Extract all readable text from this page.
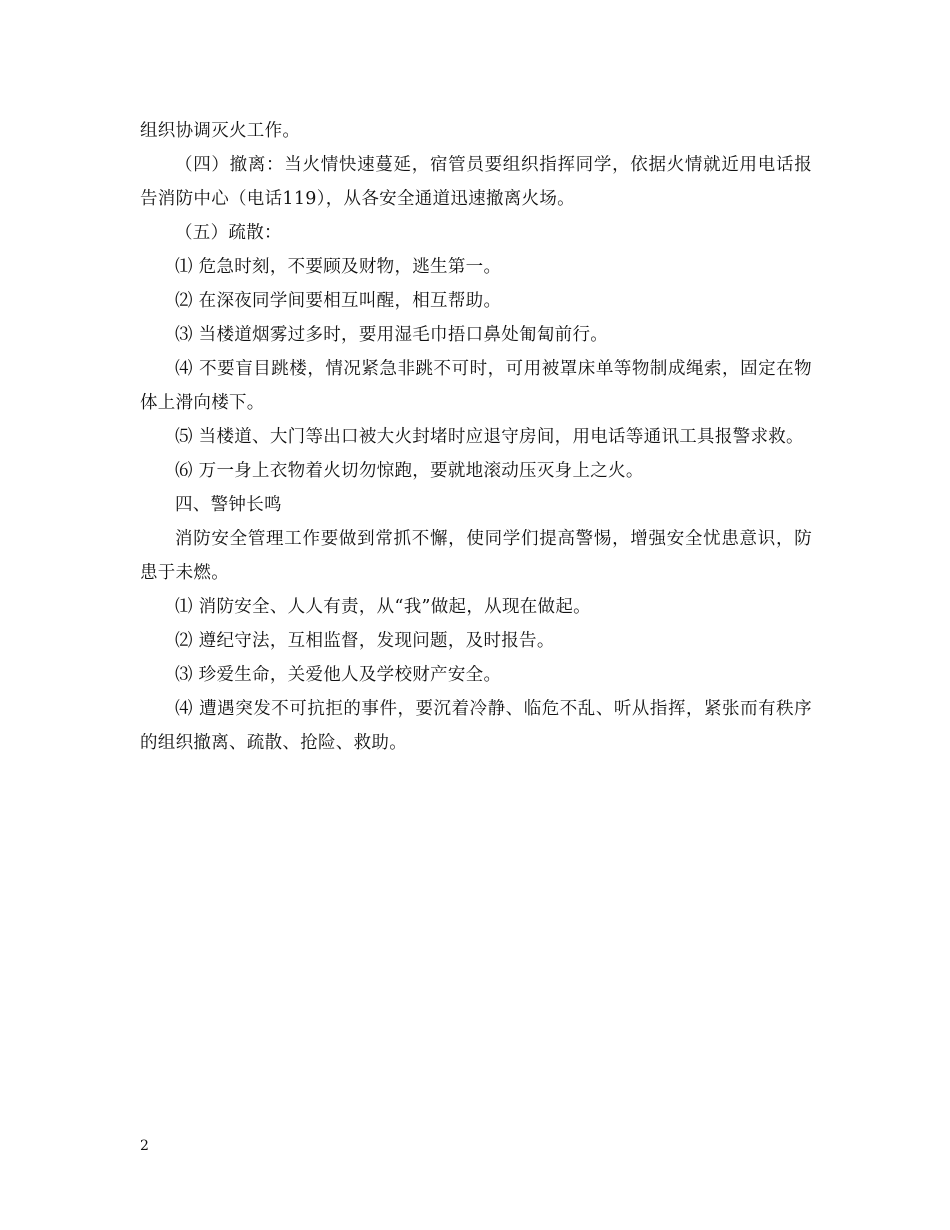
组织协调灭火工作。

（四）撤离：当火情快速蔓延，宿管员要组织指挥同学，依据火情就近用电话报告消防中心（电话119），从各安全通道迅速撤离火场。

（五）疏散：

⑴ 危急时刻，不要顾及财物，逃生第一。

⑵ 在深夜同学间要相互叫醒，相互帮助。

⑶ 当楼道烟雾过多时，要用湿毛巾捂口鼻处匍匐前行。

⑷ 不要盲目跳楼，情况紧急非跳不可时，可用被罩床单等物制成绳索，固定在物体上滑向楼下。

⑸ 当楼道、大门等出口被大火封堵时应退守房间，用电话等通讯工具报警求救。

⑹ 万一身上衣物着火切勿惊跑，要就地滚动压灭身上之火。

四、警钟长鸣

消防安全管理工作要做到常抓不懈，使同学们提高警惕，增强安全忧患意识，防患于未燃。

⑴ 消防安全、人人有责，从“我”做起，从现在做起。

⑵ 遵纪守法，互相监督，发现问题，及时报告。

⑶ 珍爱生命，关爱他人及学校财产安全。

⑷ 遭遇突发不可抗拒的事件，要沉着冷静、临危不乱、听从指挥，紧张而有秩序的组织撤离、疏散、抢险、救助。

2
